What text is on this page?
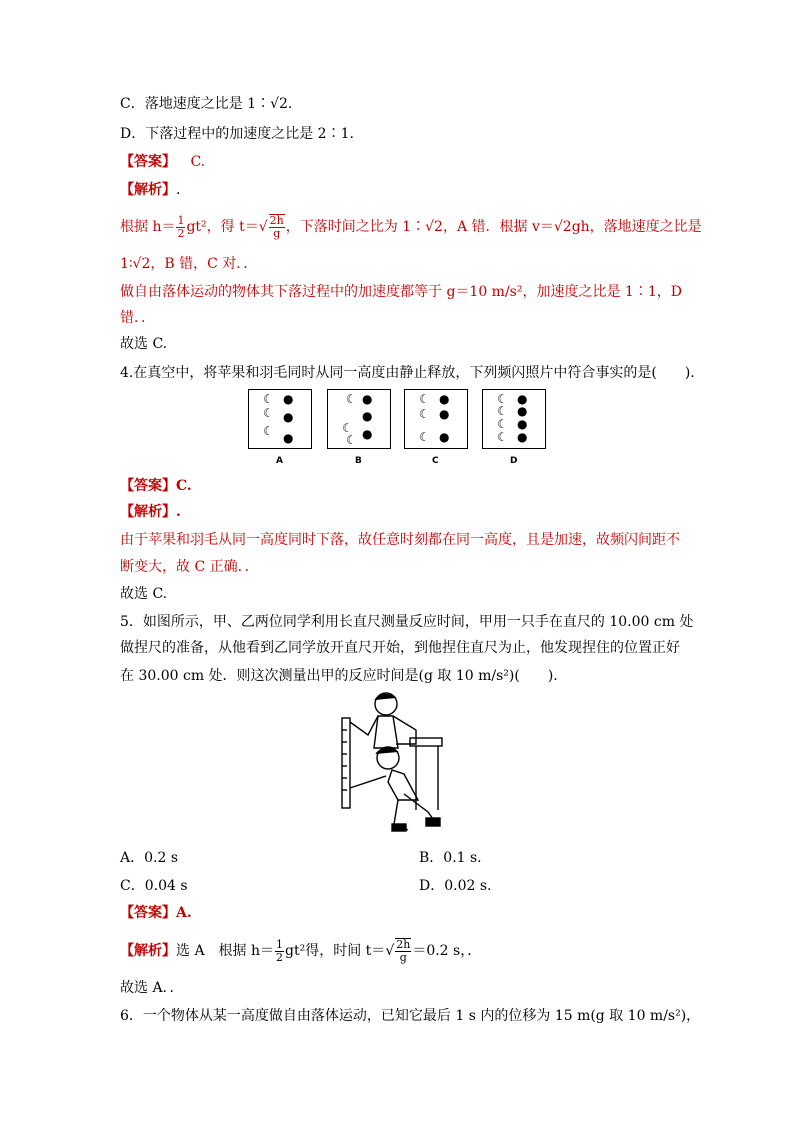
C．落地速度之比是 1∶√2.
D．下落过程中的加速度之比是 2∶1.
【答案】 C.
【解析】.
根据 $h= \frac{1}{2} gt^2$，得 $t=√ \frac{2h}{g}$ ，下落时间之比为 1∶√2，A 错．根据 v＝√2gh，落地速度之比是
1∶√2，B 错，C 对．．
做自由落体运动的物体其下落过程中的加速度都等于 g＝10 m/s²，加速度之比是 1∶1，D
错．．
故选 C.
4.在真空中，将苹果和羽毛同时从同一高度由静止释放，下列频闪照片中符合事实的是(　　).
☾ ●
☾ ●
☾ ●
☾ ●
●
☾ ●
☾
☾ ●
☾ ●
☾ ●
☾ ●
☾ ●
☾ ●
☾ ●
A	B	C	D
【答案】C.
【解析】.
由于苹果和羽毛从同一高度同时下落，故任意时刻都在同一高度，且是加速，故频闪间距不
断变大，故 C 正确．．
故选 C.
5．如图所示，甲、乙两位同学利用长直尺测量反应时间，甲用一只手在直尺的 10.00 cm 处
做捏尺的准备，从他看到乙同学放开直尺开始，到他捏住直尺为止，他发现捏住的位置正好
在 30.00 cm 处．则这次测量出甲的反应时间是(g 取 10 m/s²)(　　).
A．0.2 s	B．0.1 s.
C．0.04 s	D．0.02 s.
【答案】A.
【解析】选 A　根据 $h= \frac{1}{2} gt^2$得，时间 $t=√ \frac{2h}{g} =0.2$ s，．
故选 A．．
6．一个物体从某一高度做自由落体运动，已知它最后 1 s 内的位移为 15 m(g 取 10 m/s²)，
